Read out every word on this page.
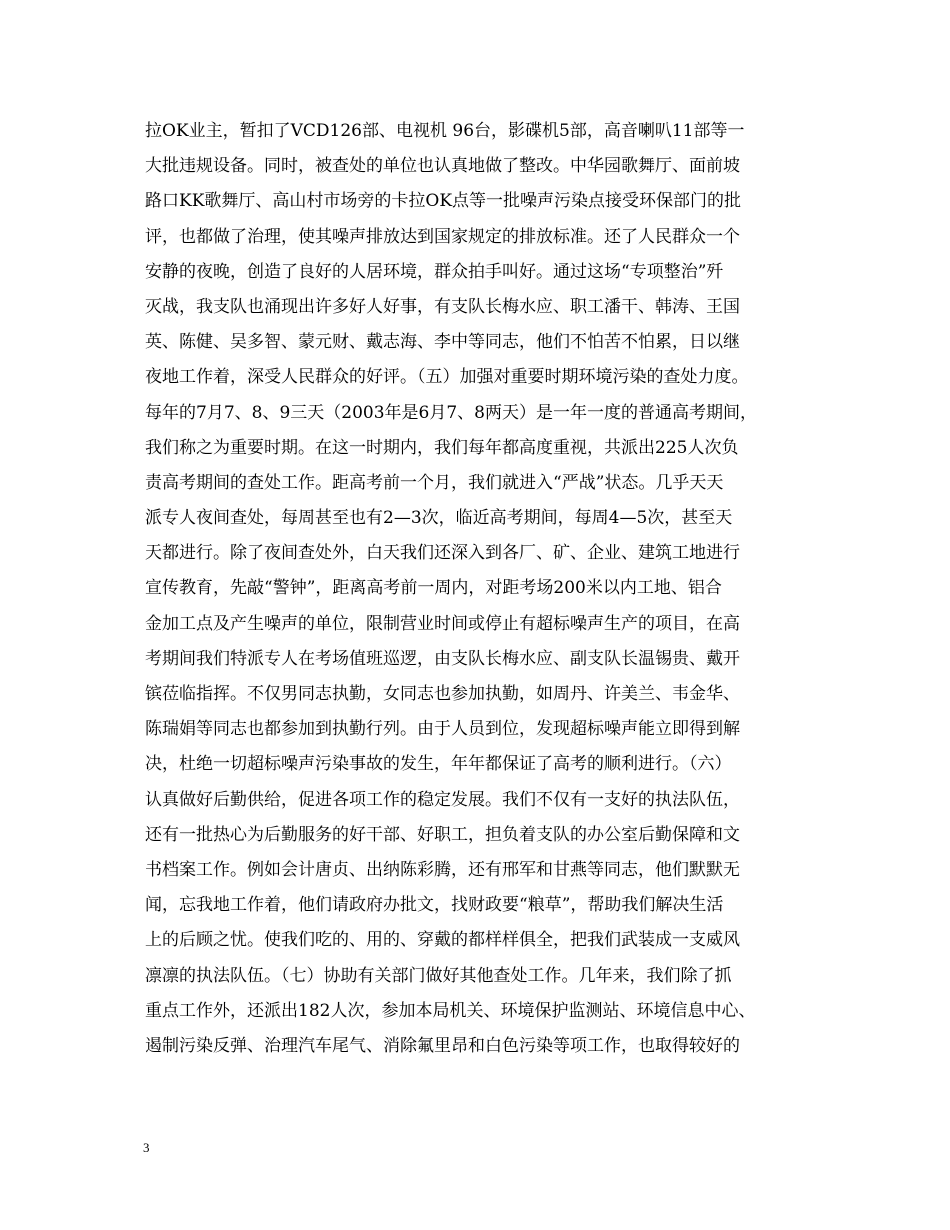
拉OK业主，暂扣了VCD126部、电视机 96台，影碟机5部，高音喇叭11部等一
大批违规设备。同时，被查处的单位也认真地做了整改。中华园歌舞厅、面前坡
路口KK歌舞厅、高山村市场旁的卡拉OK点等一批噪声污染点接受环保部门的批
评，也都做了治理，使其噪声排放达到国家规定的排放标准。还了人民群众一个
安静的夜晚，创造了良好的人居环境，群众拍手叫好。通过这场“专项整治”歼
灭战，我支队也涌现出许多好人好事，有支队长梅水应、职工潘干、韩涛、王国
英、陈健、吴多智、蒙元财、戴志海、李中等同志，他们不怕苦不怕累，日以继
夜地工作着，深受人民群众的好评。（五）加强对重要时期环境污染的查处力度。
每年的7月7、8、9三天（2003年是6月7、8两天）是一年一度的普通高考期间，
我们称之为重要时期。在这一时期内，我们每年都高度重视，共派出225人次负
责高考期间的查处工作。距高考前一个月，我们就进入“严战”状态。几乎天天
派专人夜间查处，每周甚至也有2—3次，临近高考期间，每周4—5次，甚至天
天都进行。除了夜间查处外，白天我们还深入到各厂、矿、企业、建筑工地进行
宣传教育，先敲“警钟”，距离高考前一周内，对距考场200米以内工地、铝合
金加工点及产生噪声的单位，限制营业时间或停止有超标噪声生产的项目，在高
考期间我们特派专人在考场值班巡逻，由支队长梅水应、副支队长温锡贵、戴开
镔莅临指挥。不仅男同志执勤，女同志也参加执勤，如周丹、许美兰、韦金华、
陈瑞娟等同志也都参加到执勤行列。由于人员到位，发现超标噪声能立即得到解
决，杜绝一切超标噪声污染事故的发生，年年都保证了高考的顺利进行。（六）
认真做好后勤供给，促进各项工作的稳定发展。我们不仅有一支好的执法队伍，
还有一批热心为后勤服务的好干部、好职工，担负着支队的办公室后勤保障和文
书档案工作。例如会计唐贞、出纳陈彩腾，还有邢军和甘燕等同志，他们默默无
闻，忘我地工作着，他们请政府办批文，找财政要“粮草”，帮助我们解决生活
上的后顾之忧。使我们吃的、用的、穿戴的都样样俱全，把我们武装成一支威风
凛凛的执法队伍。（七）协助有关部门做好其他查处工作。几年来，我们除了抓
重点工作外，还派出182人次，参加本局机关、环境保护监测站、环境信息中心、
遏制污染反弹、治理汽车尾气、消除氟里昂和白色污染等项工作，也取得较好的
3
